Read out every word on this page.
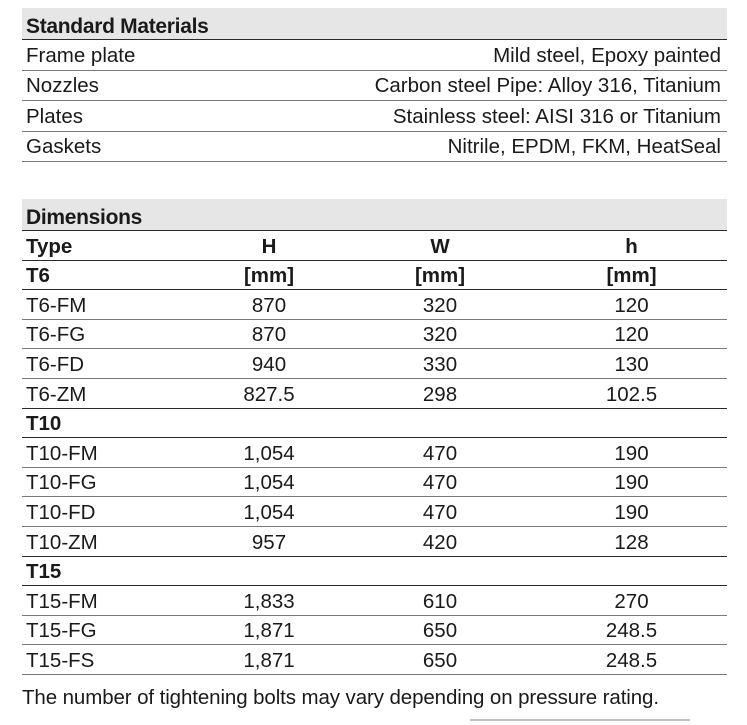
Standard Materials
Frame plate	Mild steel, Epoxy painted
Nozzles	Carbon steel Pipe: Alloy 316, Titanium
Plates	Stainless steel: AISI 316 or Titanium
Gaskets	Nitrile, EPDM, FKM, HeatSeal
Dimensions
Type	H	W	h
T6	[mm]	[mm]	[mm]
T6-FM	870	320	120
T6-FG	870	320	120
T6-FD	940	330	130
T6-ZM	827.5	298	102.5
T10
T10-FM	1,054	470	190
T10-FG	1,054	470	190
T10-FD	1,054	470	190
T10-ZM	957	420	128
T15
T15-FM	1,833	610	270
T15-FG	1,871	650	248.5
T15-FS	1,871	650	248.5
The number of tightening bolts may vary depending on pressure rating.
